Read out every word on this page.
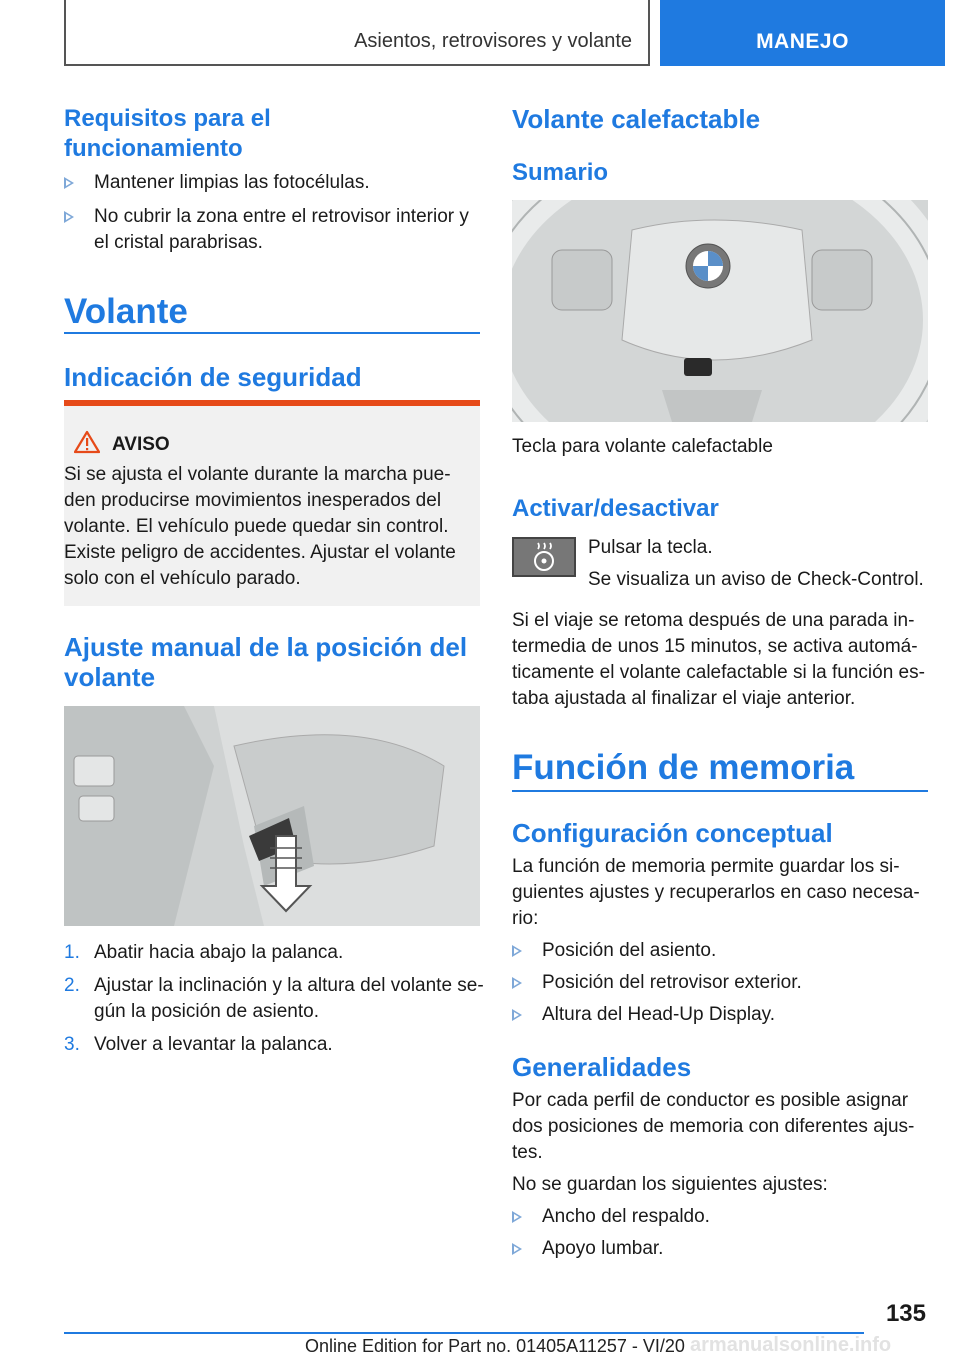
Asientos, retrovisores y volante	MANEJO
Requisitos para el
funcionamiento
Mantener limpias las fotocélulas.
No cubrir la zona entre el retrovisor interior y
el cristal parabrisas.
Volante
Indicación de seguridad
AVISO
Si se ajusta el volante durante la marcha pue-
den producirse movimientos inesperados del
volante. El vehículo puede quedar sin control.
Existe peligro de accidentes. Ajustar el volante
solo con el vehículo parado.
Ajuste manual de la posición del
volante
1. Abatir hacia abajo la palanca.
2. Ajustar la inclinación y la altura del volante se-
gún la posición de asiento.
3. Volver a levantar la palanca.
Volante calefactable
Sumario
Tecla para volante calefactable
Activar/desactivar
Pulsar la tecla.
Se visualiza un aviso de Check-Control.
Si el viaje se retoma después de una parada in-
termedia de unos 15 minutos, se activa automá-
ticamente el volante calefactable si la función es-
taba ajustada al finalizar el viaje anterior.
Función de memoria
Configuración conceptual
La función de memoria permite guardar los si-
guientes ajustes y recuperarlos en caso necesa-
rio:
Posición del asiento.
Posición del retrovisor exterior.
Altura del Head-Up Display.
Generalidades
Por cada perfil de conductor es posible asignar
dos posiciones de memoria con diferentes ajus-
tes.
No se guardan los siguientes ajustes:
Ancho del respaldo.
Apoyo lumbar.
135
armanualsonline.info
Online Edition for Part no. 01405A11257 - VI/20
